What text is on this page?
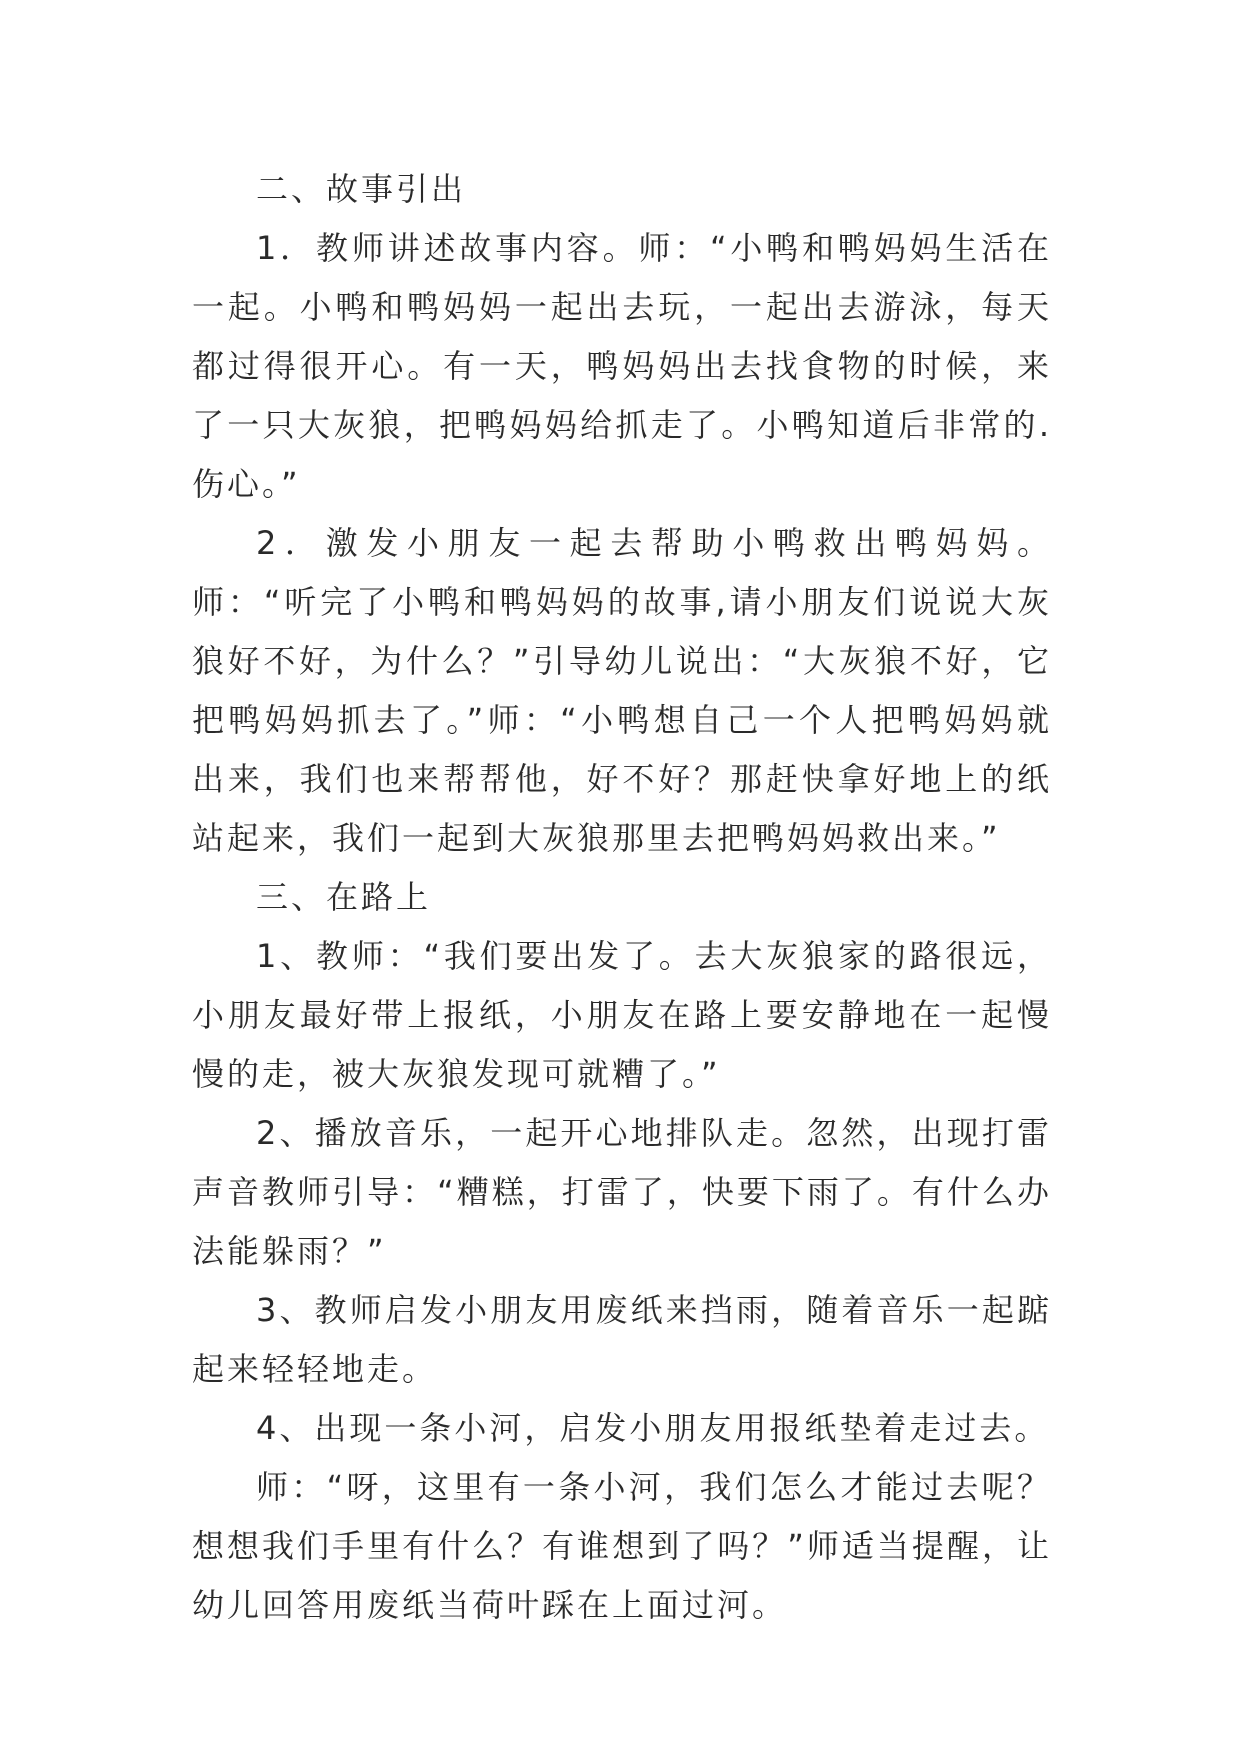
二、故事引出

1．教师讲述故事内容。师：“小鸭和鸭妈妈生活在一起。小鸭和鸭妈妈一起出去玩，一起出去游泳，每天都过得很开心。有一天，鸭妈妈出去找食物的时候，来了一只大灰狼，把鸭妈妈给抓走了。小鸭知道后非常的.伤心。”

2．激发小朋友一起去帮助小鸭救出鸭妈妈。师：“听完了小鸭和鸭妈妈的故事,请小朋友们说说大灰狼好不好，为什么？”引导幼儿说出：“大灰狼不好，它把鸭妈妈抓去了。”师：“小鸭想自己一个人把鸭妈妈就出来，我们也来帮帮他，好不好？那赶快拿好地上的纸站起来，我们一起到大灰狼那里去把鸭妈妈救出来。”

三、在路上

1、教师：“我们要出发了。去大灰狼家的路很远，小朋友最好带上报纸，小朋友在路上要安静地在一起慢慢的走，被大灰狼发现可就糟了。”

2、播放音乐，一起开心地排队走。忽然，出现打雷声音教师引导：“糟糕，打雷了，快要下雨了。有什么办法能躲雨？”

3、教师启发小朋友用废纸来挡雨，随着音乐一起踮起来轻轻地走。

4、出现一条小河，启发小朋友用报纸垫着走过去。

师：“呀，这里有一条小河，我们怎么才能过去呢？想想我们手里有什么？有谁想到了吗？”师适当提醒，让幼儿回答用废纸当荷叶踩在上面过河。
